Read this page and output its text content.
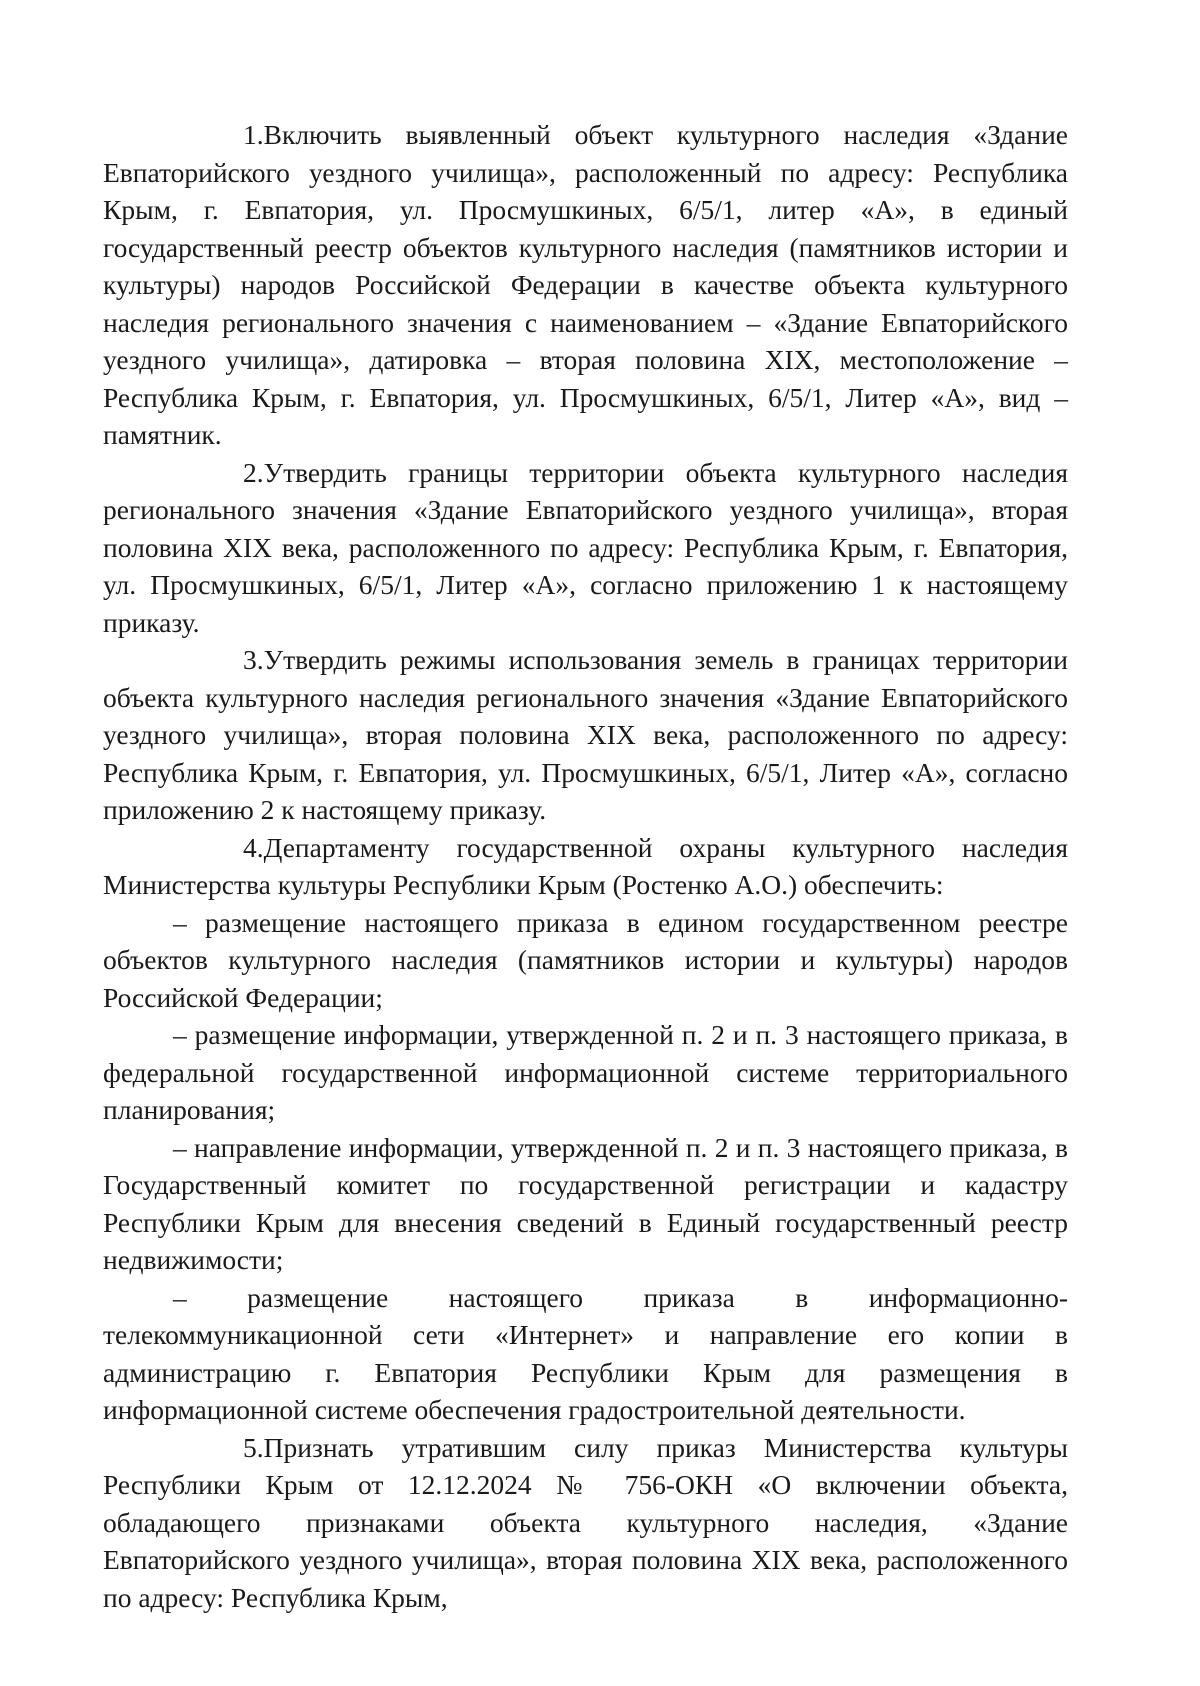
1.Включить выявленный объект культурного наследия «Здание Евпаторийского уездного училища», расположенный по адресу: Республика Крым, г. Евпатория, ул. Просмушкиных, 6/5/1, литер «А», в единый государственный реестр объектов культурного наследия (памятников истории и культуры) народов Российской Федерации в качестве объекта культурного наследия регионального значения с наименованием – «Здание Евпаторийского уездного училища», датировка – вторая половина XIX, местоположение – Республика Крым, г. Евпатория, ул. Просмушкиных, 6/5/1, Литер «А», вид – памятник.

2.Утвердить границы территории объекта культурного наследия регионального значения «Здание Евпаторийского уездного училища», вторая половина XIX века, расположенного по адресу: Республика Крым, г. Евпатория, ул. Просмушкиных, 6/5/1, Литер «А», согласно приложению 1 к настоящему приказу.

3.Утвердить режимы использования земель в границах территории объекта культурного наследия регионального значения «Здание Евпаторийского уездного училища», вторая половина XIX века, расположенного по адресу: Республика Крым, г. Евпатория, ул. Просмушкиных, 6/5/1, Литер «А», согласно приложению 2 к настоящему приказу.

4.Департаменту государственной охраны культурного наследия Министерства культуры Республики Крым (Ростенко А.О.) обеспечить:

– размещение настоящего приказа в едином государственном реестре объектов культурного наследия (памятников истории и культуры) народов Российской Федерации;

– размещение информации, утвержденной п. 2 и п. 3 настоящего приказа, в федеральной государственной информационной системе территориального планирования;

– направление информации, утвержденной п. 2 и п. 3 настоящего приказа, в Государственный комитет по государственной регистрации и кадастру Республики Крым для внесения сведений в Единый государственный реестр недвижимости;

– размещение настоящего приказа в информационно-телекоммуникационной сети «Интернет» и направление его копии в администрацию г. Евпатория Республики Крым для размещения в информационной системе обеспечения градостроительной деятельности.

5.Признать утратившим силу приказ Министерства культуры Республики Крым от 12.12.2024 № 756-ОКН «О включении объекта, обладающего признаками объекта культурного наследия, «Здание Евпаторийского уездного училища», вторая половина XIX века, расположенного по адресу: Республика Крым,
